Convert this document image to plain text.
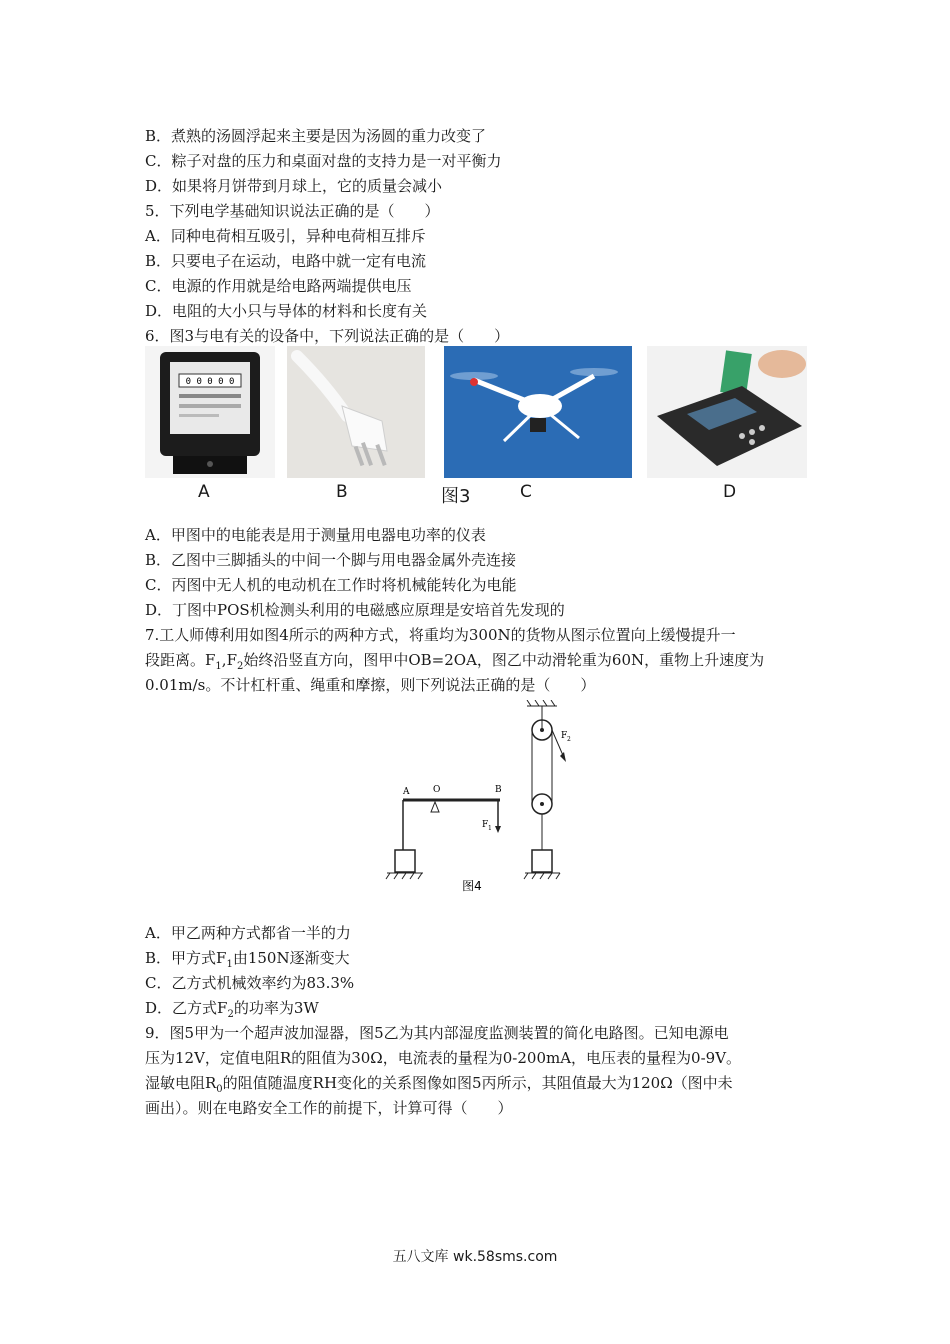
B．煮熟的汤圆浮起来主要是因为汤圆的重力改变了
C．粽子对盘的压力和桌面对盘的支持力是一对平衡力
D．如果将月饼带到月球上，它的质量会减小
5．下列电学基础知识说法正确的是（　　）
A．同种电荷相互吸引，异种电荷相互排斥
B．只要电子在运动，电路中就一定有电流
C．电源的作用就是给电路两端提供电压
D．电阻的大小只与导体的材料和长度有关
6．图3与电有关的设备中，下列说法正确的是（　　）
0 0 0 0 0
A	B	图3	C	D
A．甲图中的电能表是用于测量用电器电功率的仪表
B．乙图中三脚插头的中间一个脚与用电器金属外壳连接
C．丙图中无人机的电动机在工作时将机械能转化为电能
D．丁图中POS机检测头利用的电磁感应原理是安培首先发现的
7.工人师傅利用如图4所示的两种方式，将重均为300N的货物从图示位置向上缓慢提升一
段距离。$F_1,F_2$始终沿竖直方向，图甲中OB=2OA，图乙中动滑轮重为60N，重物上升速度为
0.01m/s。不计杠杆重、绳重和摩擦，则下列说法正确的是（　　）
A	O	B
F 1
F 2
图4
A．甲乙两种方式都省一半的力
B．甲方式$F_1$由150N逐渐变大
C．乙方式机械效率约为83.3%
D．乙方式$F_2$的功率为3W
9．图5甲为一个超声波加湿器，图5乙为其内部湿度监测装置的简化电路图。已知电源电
压为12V，定值电阻R的阻值为30Ω，电流表的量程为0-200mA，电压表的量程为0-9V。
湿敏电阻$R_0$的阻值随温度RH变化的关系图像如图5丙所示，其阻值最大为120Ω（图中未
画出）。则在电路安全工作的前提下，计算可得（　　）
五八文库 wk.58sms.com
